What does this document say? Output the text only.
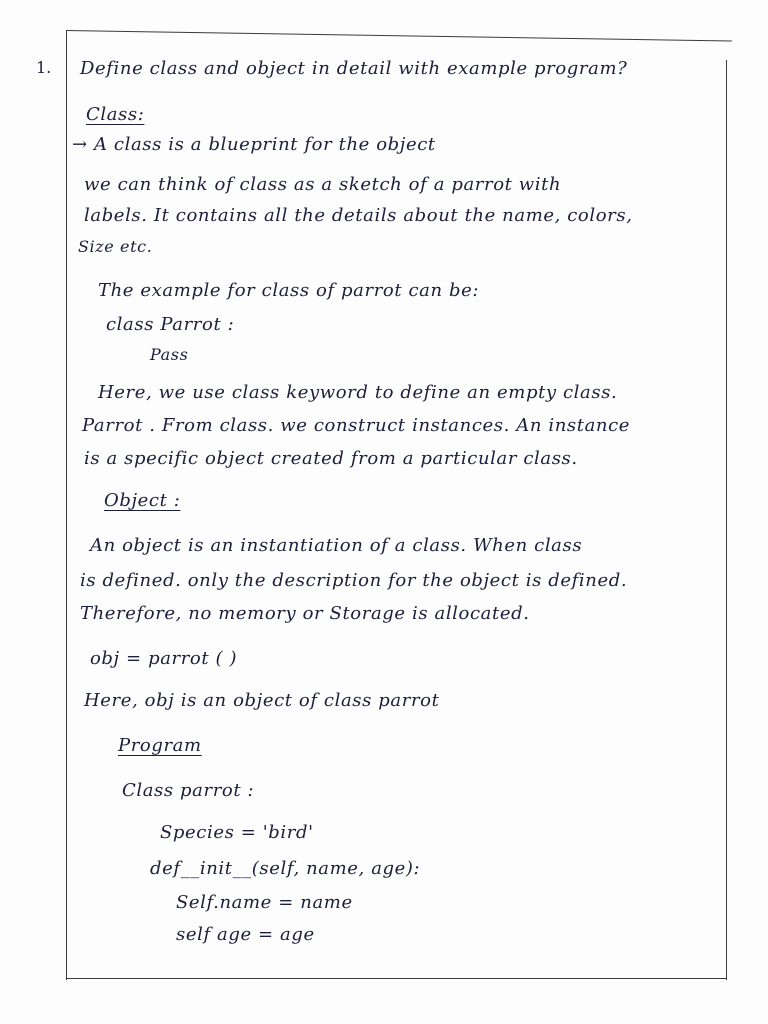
1. Define class and object in detail with example program?
Class:
→ A class is a blueprint for the object
we can think of class as a sketch of a parrot with
labels. It contains all the details about the name, colors,
Size etc.
The example for class of parrot can be:
class Parrot :
Pass
Here, we use class keyword to define an empty class.
Parrot . From class. we construct instances. An instance
is a specific object created from a particular class.
Object :
An object is an instantiation of a class. When class
is defined. only the description for the object is defined.
Therefore, no memory or Storage is allocated.
obj = parrot ( )
Here, obj is an object of class parrot
Program
Class parrot :
Species = 'bird'
def__init__(self, name, age):
Self.name = name
self age = age
